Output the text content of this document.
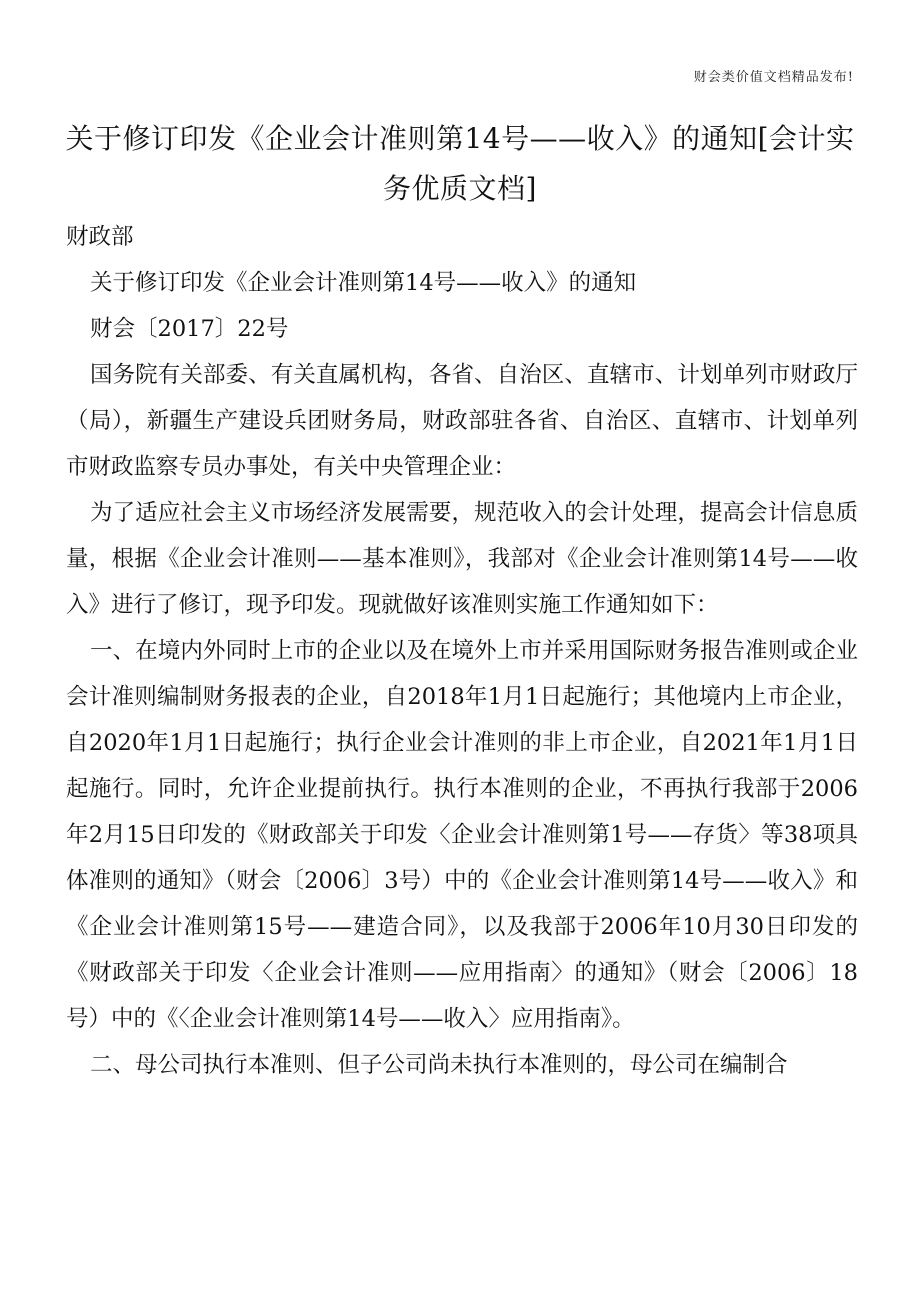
财会类价值文档精品发布!
关于修订印发《企业会计准则第14号——收入》的通知[会计实务优质文档]

财政部

关于修订印发《企业会计准则第14号——收入》的通知

财会〔2017〕22号

国务院有关部委、有关直属机构，各省、自治区、直辖市、计划单列市财政厅（局），新疆生产建设兵团财务局，财政部驻各省、自治区、直辖市、计划单列市财政监察专员办事处，有关中央管理企业：

为了适应社会主义市场经济发展需要，规范收入的会计处理，提高会计信息质量，根据《企业会计准则——基本准则》，我部对《企业会计准则第14号——收入》进行了修订，现予印发。现就做好该准则实施工作通知如下：

一、在境内外同时上市的企业以及在境外上市并采用国际财务报告准则或企业会计准则编制财务报表的企业，自2018年1月1日起施行；其他境内上市企业，自2020年1月1日起施行；执行企业会计准则的非上市企业，自2021年1月1日起施行。同时，允许企业提前执行。执行本准则的企业，不再执行我部于2006年2月15日印发的《财政部关于印发〈企业会计准则第1号——存货〉等38项具体准则的通知》（财会〔2006〕3号）中的《企业会计准则第14号——收入》和《企业会计准则第15号——建造合同》，以及我部于2006年10月30日印发的《财政部关于印发〈企业会计准则——应用指南〉的通知》（财会〔2006〕18号）中的《〈企业会计准则第14号——收入〉应用指南》。

二、母公司执行本准则、但子公司尚未执行本准则的，母公司在编制合
